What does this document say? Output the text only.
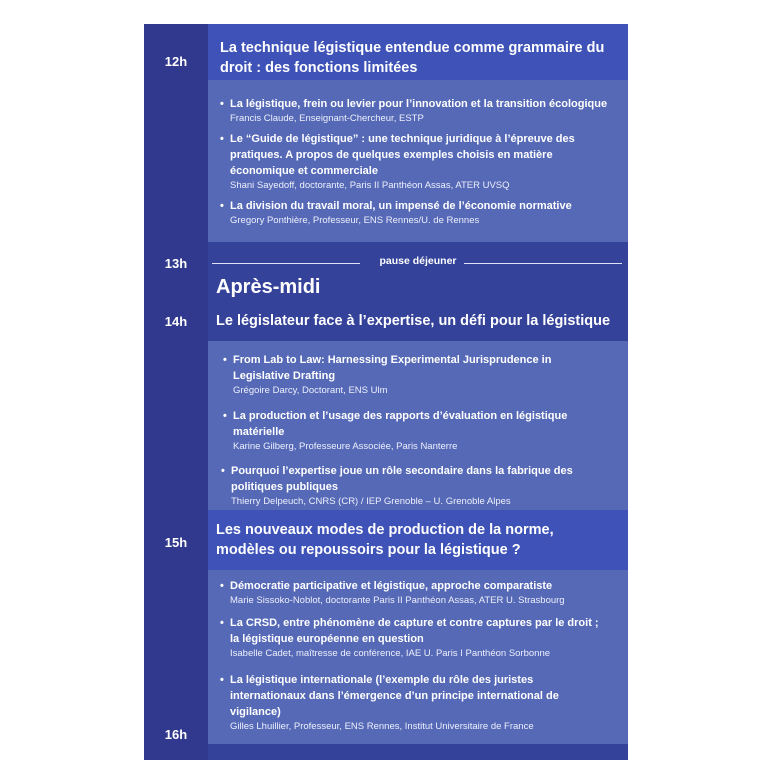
12h
13h
14h
15h
16h
La technique légistique entendue comme grammaire du droit : des fonctions limitées
• La légistique, frein ou levier pour l’innovation et la transition écologique
Francis Claude, Enseignant-Chercheur, ESTP
• Le “Guide de légistique” : une technique juridique à l’épreuve des pratiques. A propos de quelques exemples choisis en matière économique et commerciale
Shani Sayedoff, doctorante, Paris II Panthéon Assas, ATER UVSQ
• La division du travail moral, un impensé de l’économie normative
Gregory Ponthière, Professeur, ENS Rennes/U. de Rennes
pause déjeuner
Après-midi
Le législateur face à l’expertise, un défi pour la légistique
• From Lab to Law: Harnessing Experimental Jurisprudence in Legislative Drafting
Grégoire Darcy, Doctorant, ENS Ulm
• La production et l’usage des rapports d’évaluation en légistique matérielle
Karine Gilberg, Professeure Associée, Paris Nanterre
• Pourquoi l’expertise joue un rôle secondaire dans la fabrique des politiques publiques
Thierry Delpeuch, CNRS (CR) / IEP Grenoble – U. Grenoble Alpes
Les nouveaux modes de production de la norme, modèles ou repoussoirs pour la légistique ?
• Démocratie participative et légistique, approche comparatiste
Marie Sissoko-Noblot, doctorante Paris II Panthéon Assas, ATER U. Strasbourg
• La CRSD, entre phénomène de capture et contre captures par le droit ; la légistique européenne en question
Isabelle Cadet, maîtresse de conférence, IAE U. Paris I Panthéon Sorbonne
• La légistique internationale (l’exemple du rôle des juristes internationaux dans l’émergence d’un principe international de vigilance)
Gilles Lhuillier, Professeur, ENS Rennes, Institut Universitaire de France
